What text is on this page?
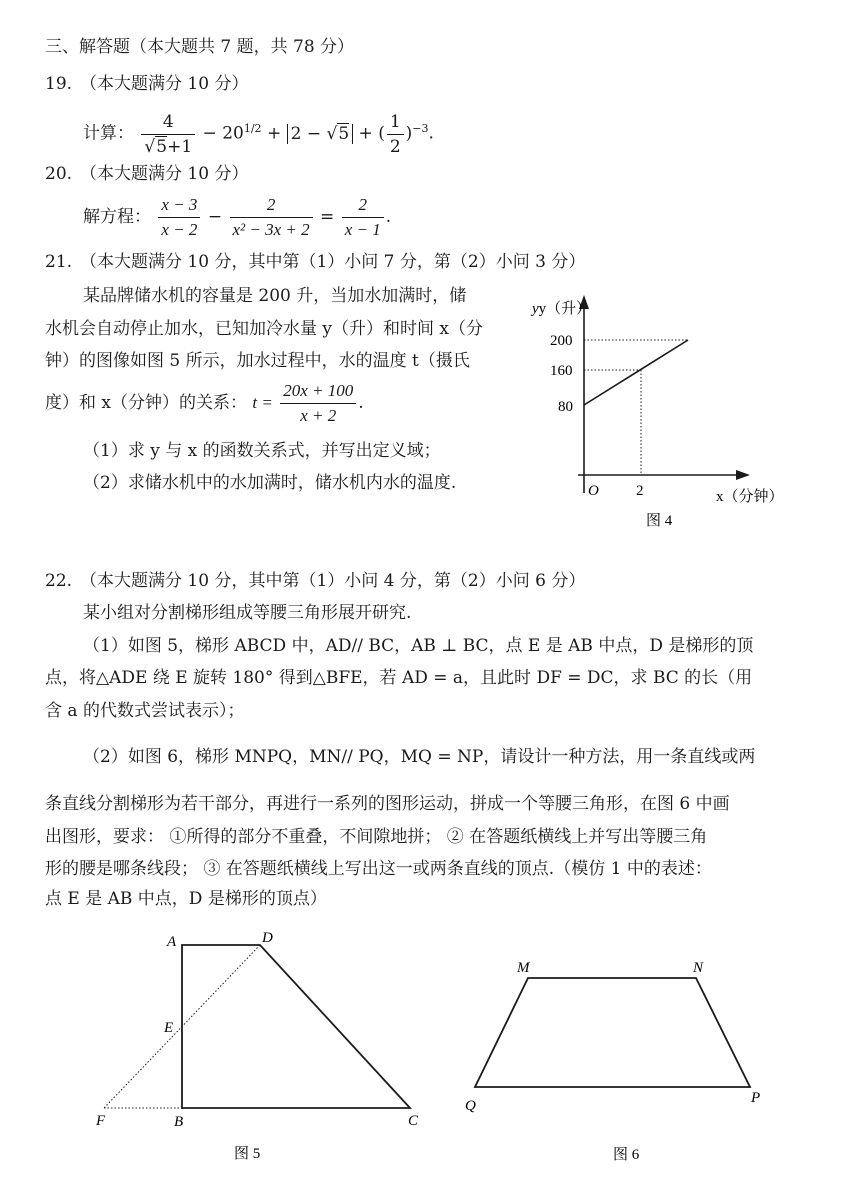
三、解答题（本大题共 7 题，共 78 分）
19. （本大题满分 10 分）
计算： $\frac{4}{√5+1} - 20^{1/2} + 2 - √5$ + ( $\frac{1}{2} )^{-3}$.
20. （本大题满分 10 分）
解方程： $\frac{x - 3}{x - 2} - \frac{2}{\text{x² − 3x + 2}} = \frac{2}{x - 1}$ .
21. （本大题满分 10 分，其中第（1）小问 7 分，第（2）小问 3 分）
某品牌储水机的容量是 200 升，当加水加满时，储
水机会自动停止加水，已知加冷水量 y（升）和时间 x（分
钟）的图像如图 5 所示，加水过程中，水的温度 t（摄氏
度）和 x（分钟）的关系： $t = \frac{20x + 100}{x + 2}$ .
（1）求 y 与 x 的函数关系式，并写出定义域；
（2）求储水机中的水加满时，储水机内水的温度.
yy（升）
200
160
80
O 2	x（分钟）
图 4
22. （本大题满分 10 分，其中第（1）小问 4 分，第（2）小问 6 分）
某小组对分割梯形组成等腰三角形展开研究.
（1）如图 5，梯形 ABCD 中，AD// BC，AB ⊥ BC，点 E 是 AB 中点，D 是梯形的顶
点，将△ADE 绕 E 旋转 180° 得到△BFE，若 AD = a，且此时 DF = DC，求 BC 的长（用
含 a 的代数式尝试表示）；
（2）如图 6，梯形 MNPQ，MN// PQ，MQ = NP，请设计一种方法，用一条直线或两
条直线分割梯形为若干部分，再进行一系列的图形运动，拼成一个等腰三角形，在图 6 中画
出图形，要求： ①所得的部分不重叠，不间隙地拼； ② 在答题纸横线上并写出等腰三角
形的腰是哪条线段； ③ 在答题纸横线上写出这一或两条直线的顶点.（模仿 1 中的表述：
点 E 是 AB 中点，D 是梯形的顶点）
A	D
E
F	B	C
图 5
M	N
P
Q
图 6
